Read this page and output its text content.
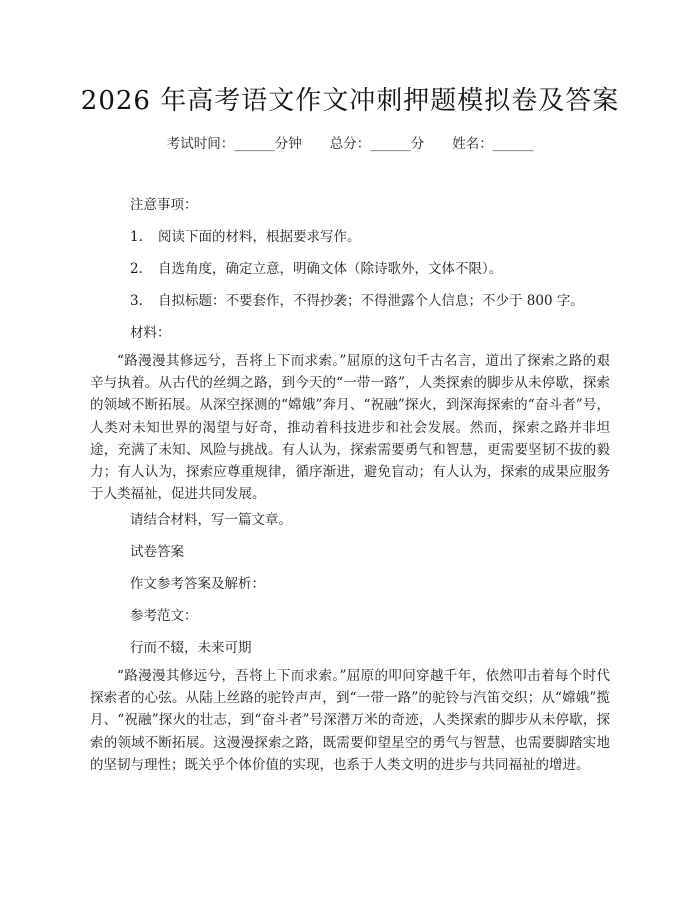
2026 年高考语文作文冲刺押题模拟卷及答案
考试时间：______分钟 总分：______分 姓名：______
注意事项：
1. 阅读下面的材料，根据要求写作。
2. 自选角度，确定立意，明确文体（除诗歌外，文体不限）。
3. 自拟标题：不要套作，不得抄袭；不得泄露个人信息；不少于 800 字。
材料：
“路漫漫其修远兮，吾将上下而求索。”屈原的这句千古名言，道出了探索之路的艰辛与执着。从古代的丝绸之路，到今天的“一带一路”，人类探索的脚步从未停歇，探索的领域不断拓展。从深空探测的“嫦娥”奔月、“祝融”探火，到深海探索的“奋斗者”号，人类对未知世界的渴望与好奇，推动着科技进步和社会发展。然而，探索之路并非坦途，充满了未知、风险与挑战。有人认为，探索需要勇气和智慧，更需要坚韧不拔的毅力；有人认为，探索应尊重规律，循序渐进，避免盲动；有人认为，探索的成果应服务于人类福祉，促进共同发展。
请结合材料，写一篇文章。
试卷答案
作文参考答案及解析：
参考范文：
行而不辍，未来可期
“路漫漫其修远兮，吾将上下而求索。”屈原的叩问穿越千年，依然叩击着每个时代探索者的心弦。从陆上丝路的驼铃声声，到“一带一路”的驼铃与汽笛交织；从“嫦娥”揽月、“祝融”探火的壮志，到“奋斗者”号深潜万米的奇迹，人类探索的脚步从未停歇，探索的领域不断拓展。这漫漫探索之路，既需要仰望星空的勇气与智慧，也需要脚踏实地的坚韧与理性；既关乎个体价值的实现，也系于人类文明的进步与共同福祉的增进。
